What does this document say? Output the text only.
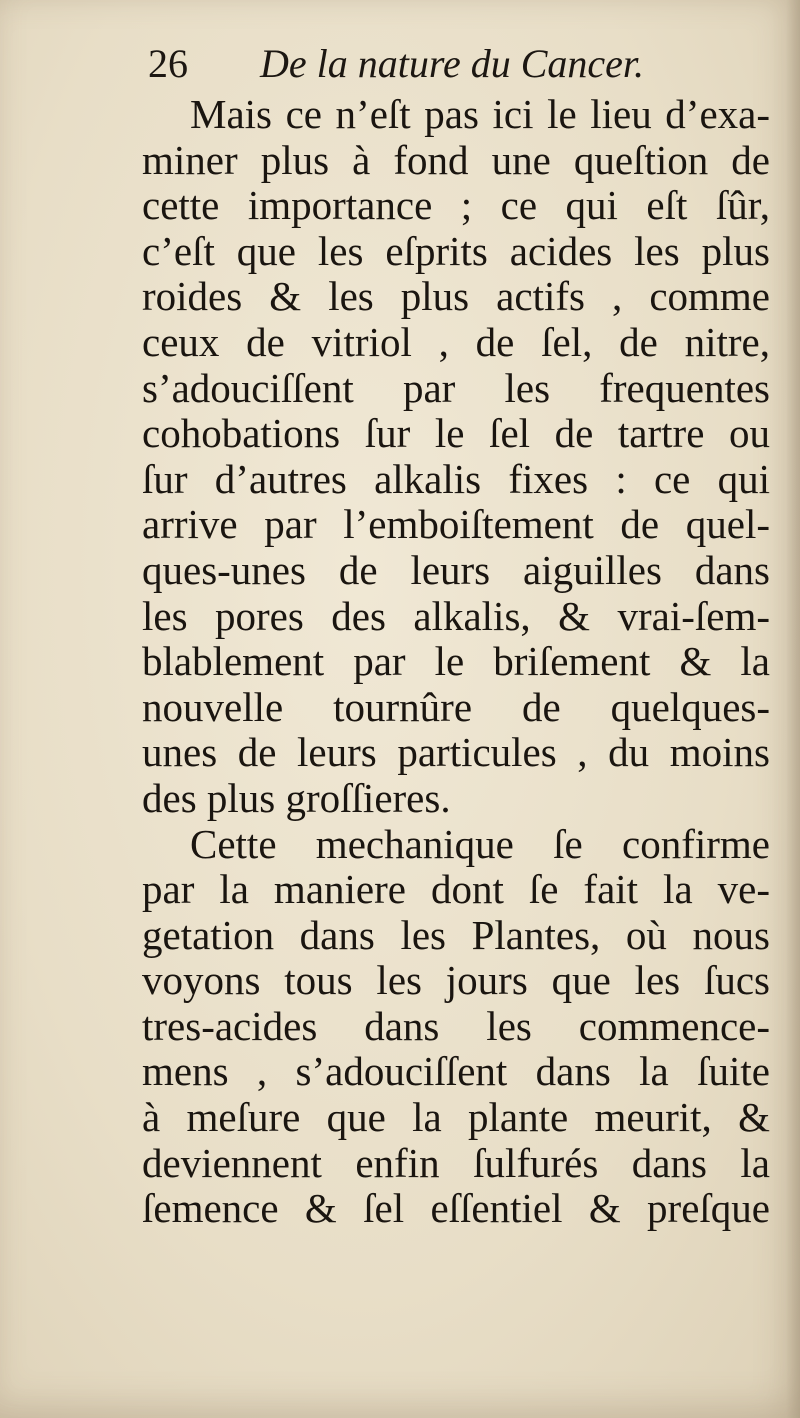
26 De la nature du Cancer.
Mais ce n’eſt pas ici le lieu d’exa-
miner plus à fond une queſtion de
cette importance ; ce qui eſt ſûr,
c’eſt que les eſprits acides les plus
roides & les plus actifs , comme
ceux de vitriol , de ſel, de nitre,
s’adouciſſent par les frequentes
cohobations ſur le ſel de tartre ou
ſur d’autres alkalis fixes : ce qui
arrive par l’emboiſtement de quel-
ques-unes de leurs aiguilles dans
les pores des alkalis, & vrai-ſem-
blablement par le briſement & la
nouvelle tournûre de quelques-
unes de leurs particules , du moins
des plus groſſieres.
Cette mechanique ſe confirme
par la maniere dont ſe fait la ve-
getation dans les Plantes, où nous
voyons tous les jours que les ſucs
tres-acides dans les commence-
mens , s’adouciſſent dans la ſuite
à meſure que la plante meurit, &
deviennent enfin ſulfurés dans la
ſemence & ſel eſſentiel & preſque
